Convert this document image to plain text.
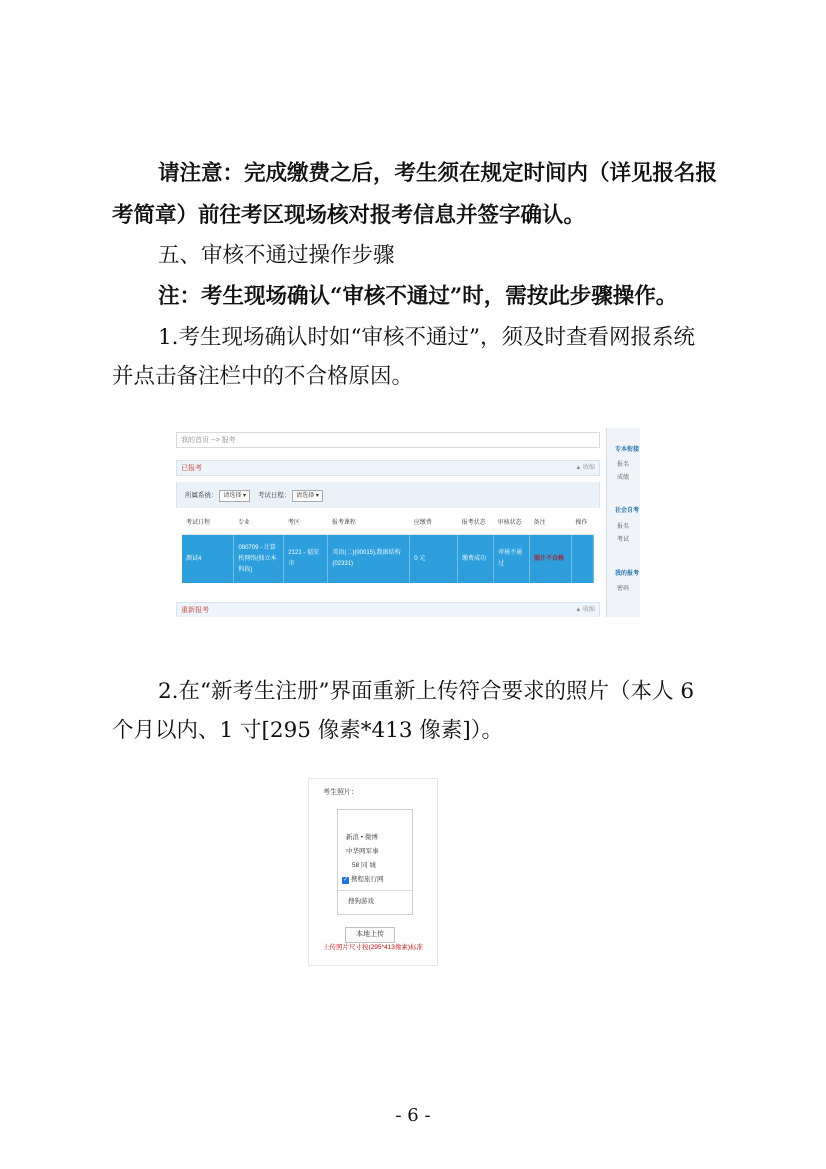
请注意：完成缴费之后，考生须在规定时间内（详见报名报
考简章）前往考区现场核对报考信息并签字确认。
五、审核不通过操作步骤
注：考生现场确认“审核不通过”时，需按此步骤操作。
1.考生现场确认时如“审核不通过”，须及时查看网报系统
并点击备注栏中的不合格原因。
我的首页 --> 报考
已报考	▲ 收缩
所属系统： 请选择 ▾ 考试日程： 请选择 ▾
考试日程	专业	考区	报考课程	应缴费	报考状态	审核状态	备注	操作
测试4	080709 - 计算机网络(独立本科段)	2121 - 福安市	英语(二)(00015),数据结构(02331)	0 元	缴费成功	审核不通过	照片不合格	
重新报考	▲ 收缩
专本衔接
报名
成绩
社会自考
报名
考试
我的报考
密码
2.在“新考生注册”界面重新上传符合要求的照片（本人 6
个月以内、1 寸[295 像素*413 像素]）。
考生照片：
新浪 • 微博
中华网军事
58 同 城
✓ 携程旅行网
搜狗游戏
本地上传
上传照片尺寸按(295*413像素)标准
- 6 -
